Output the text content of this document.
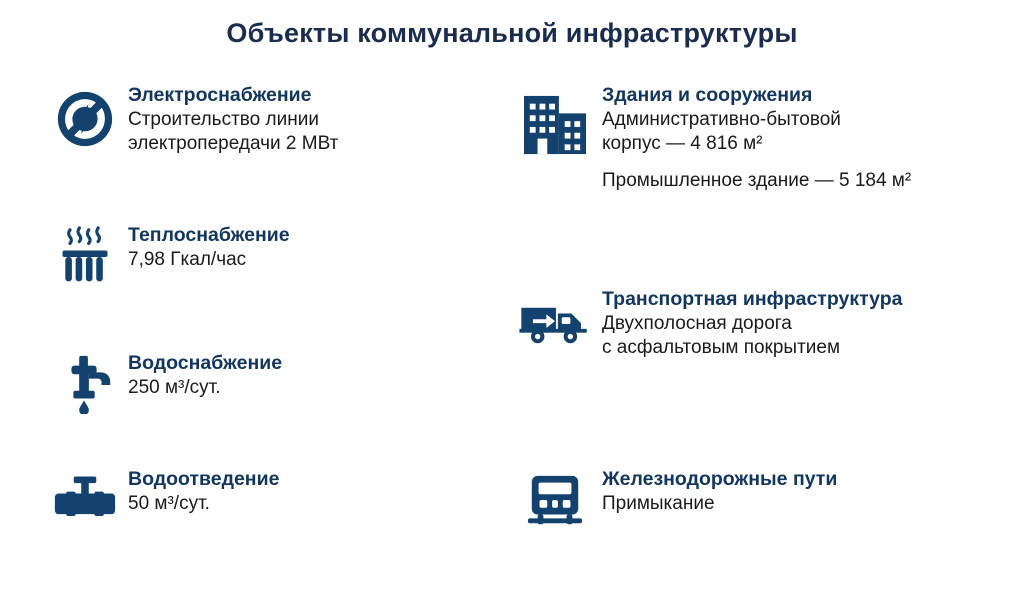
Объекты коммунальной инфраструктуры
Электроснабжение
Строительство линии
электропередачи 2 МВт
Теплоснабжение
7,98 Гкал/час
Водоснабжение
250 м³/сут.
Водоотведение
50 м³/сут.
Здания и сооружения
Административно-бытовой
корпус — 4 816 м²
Промышленное здание — 5 184 м²
Транспортная инфраструктура
Двухполосная дорога
с асфальтовым покрытием
Железнодорожные пути
Примыкание
